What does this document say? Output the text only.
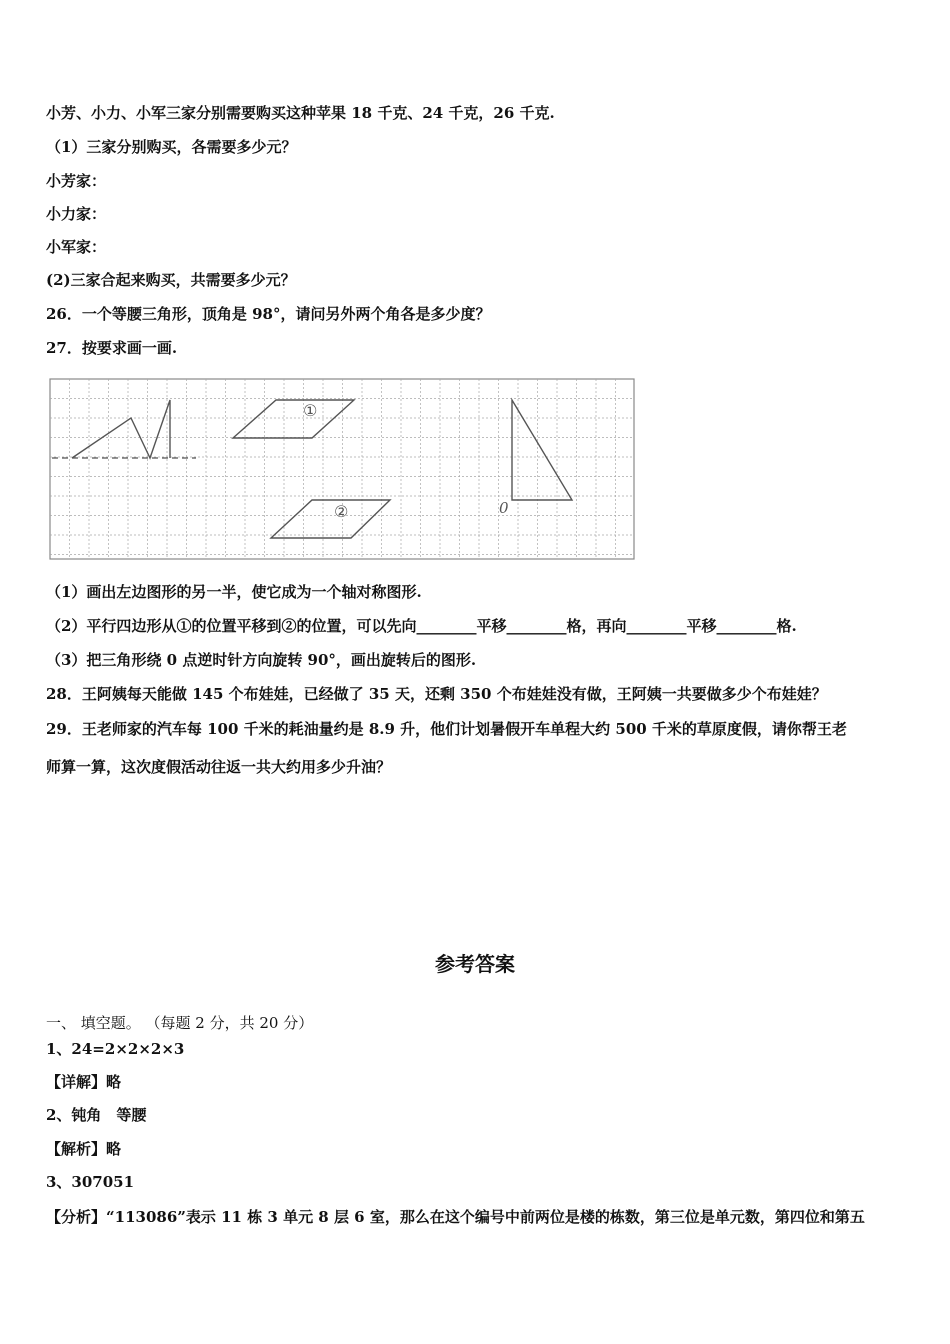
小芳、小力、小军三家分别需要购买这种苹果 18 千克、24 千克，26 千克.
（1）三家分别购买，各需要多少元？
小芳家：
小力家：
小军家：
(2)三家合起来购买，共需要多少元？
26．一个等腰三角形，顶角是 98°，请问另外两个角各是多少度？
27．按要求画一画.
①
②	0
（1）画出左边图形的另一半，使它成为一个轴对称图形.
（2）平行四边形从①的位置平移到②的位置，可以先向________平移________格，再向________平移________格.
（3）把三角形绕 0 点逆时针方向旋转 90°，画出旋转后的图形.
28．王阿姨每天能做 145 个布娃娃，已经做了 35 天，还剩 350 个布娃娃没有做，王阿姨一共要做多少个布娃娃？
29．王老师家的汽车每 100 千米的耗油量约是 8.9 升，他们计划暑假开车单程大约 500 千米的草原度假，请你帮王老
师算一算，这次度假活动往返一共大约用多少升油？
参考答案
一、 填空题。 （每题 2 分，共 20 分）
1、24=2×2×2×3
【详解】略
2、钝角　等腰
【解析】略
3、307051
【分析】“113086”表示 11 栋 3 单元 8 层 6 室，那么在这个编号中前两位是楼的栋数，第三位是单元数，第四位和第五
